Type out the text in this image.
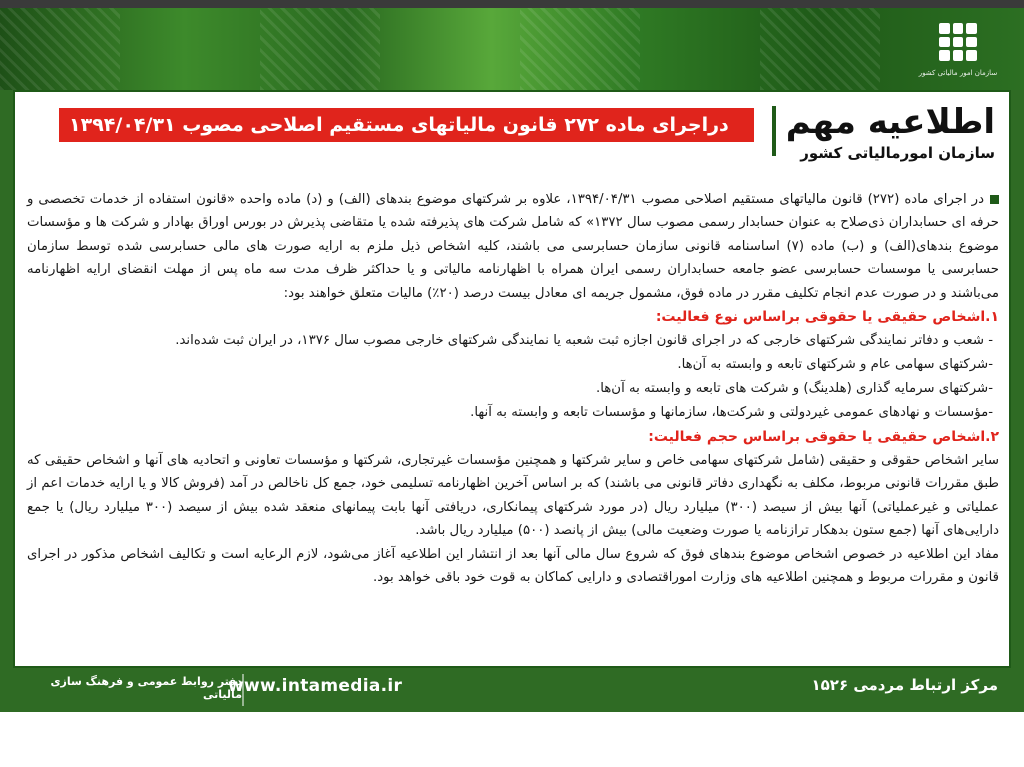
سازمان امور مالیاتی کشور
اطلاعیه مهم
سازمان امورمالیاتی کشور
دراجرای ماده ۲۷۲ قانون مالیاتهای مستقیم اصلاحی مصوب ۱۳۹۴/۰۴/۳۱

در اجرای ماده (۲۷۲) قانون مالیاتهای مستقیم اصلاحی مصوب ۱۳۹۴/۰۴/۳۱، علاوه بر شرکتهای موضوع بندهای (الف) و (د) ماده واحده «قانون استفاده از خدمات تخصصی و حرفه ای حسابداران ذی‌صلاح به عنوان حسابدار رسمی مصوب سال ۱۳۷۲» که شامل شرکت های پذیرفته شده یا متقاضی پذیرش در بورس اوراق بهادار و شرکت ها و مؤسسات موضوع بندهای(الف) و (ب) ماده (۷) اساسنامه قانونی سازمان حسابرسی می باشند، کلیه اشخاص ذیل ملزم به ارایه صورت های مالی حسابرسی شده توسط سازمان حسابرسی یا موسسات حسابرسی عضو جامعه حسابداران رسمی ایران همراه با اظهارنامه مالیاتی و یا حداکثر ظرف مدت سه ماه پس از مهلت انقضای ارایه اظهارنامه می‌باشند و در صورت عدم انجام تکلیف مقرر در ماده فوق، مشمول جریمه ای معادل بیست درصد (۲۰٪) مالیات متعلق خواهند بود:

۱.اشخاص حقیقی یا حقوقی براساس نوع فعالیت:
- شعب و دفاتر نمایندگی شرکتهای خارجی که در اجرای قانون اجازه ثبت شعبه یا نمایندگی شرکتهای خارجی مصوب سال ۱۳۷۶، در ایران ثبت شده‌اند.
-شرکتهای سهامی عام و شرکتهای تابعه و وابسته به آن‌ها.
-شرکتهای سرمایه گذاری (هلدینگ) و شرکت های تابعه و وابسته به آن‌ها.
-مؤسسات و نهادهای عمومی غیردولتی و شرکت‌ها، سازمانها و مؤسسات تابعه و وابسته به آنها.
۲.اشخاص حقیقی یا حقوقی براساس حجم فعالیت:

سایر اشخاص حقوقی و حقیقی (شامل شرکتهای سهامی خاص و سایر شرکتها و همچنین مؤسسات غیرتجاری، شرکتها و مؤسسات تعاونی و اتحادیه های آنها و اشخاص حقیقی که طبق مقررات قانونی مربوط، مکلف به نگهداری دفاتر قانونی می باشند) که بر اساس آخرین اظهارنامه تسلیمی خود، جمع کل ناخالص در آمد (فروش کالا و یا ارایه خدمات اعم از عملیاتی و غیرعملیاتی) آنها بیش از سیصد (۳۰۰) میلیارد ریال (در مورد شرکتهای پیمانکاری، دریافتی آنها بابت پیمانهای منعقد شده بیش از سیصد (۳۰۰ میلیارد ریال) یا جمع دارایی‌های آنها (جمع ستون بدهکار ترازنامه یا صورت وضعیت مالی) بیش از پانصد (۵۰۰) میلیارد ریال باشد.

مفاد این اطلاعیه در خصوص اشخاص موضوع بندهای فوق که شروع سال مالی آنها بعد از انتشار این اطلاعیه آغاز می‌شود، لازم الرعایه است و تکالیف اشخاص مذکور در اجرای قانون و مقررات مربوط و همچنین اطلاعیه های وزارت اموراقتصادی و دارایی کماکان به قوت خود باقی خواهد بود.

دفتر روابط عمومی و فرهنگ سازی مالیاتی
www.intamedia.ir	مرکز ارتباط مردمی ۱۵۲۶
